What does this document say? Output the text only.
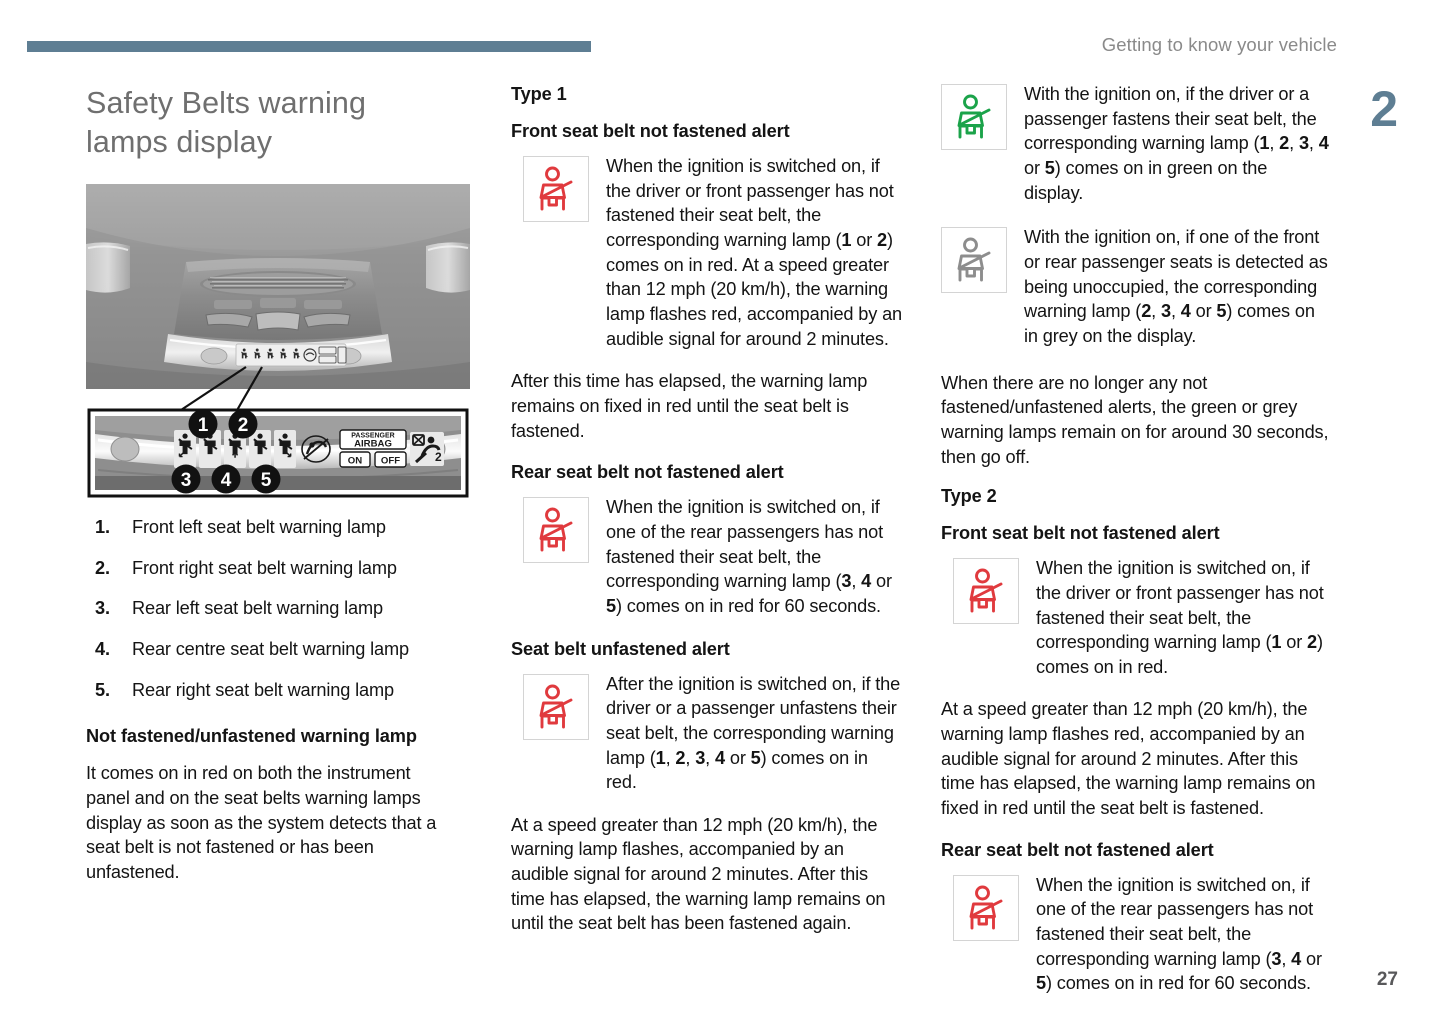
Getting to know your vehicle
2
27
Safety Belts warning lamps display
PASSENGER
AIRBAG
ON OFF	2
1 2
3 4 5
1.	Front left seat belt warning lamp
2.	Front right seat belt warning lamp
3.	Rear left seat belt warning lamp
4.	Rear centre seat belt warning lamp
5.	Rear right seat belt warning lamp
Not fastened/unfastened warning lamp

It comes on in red on both the instrument panel and on the seat belts warning lamps display as soon as the system detects that a seat belt is not fastened or has been unfastened.

Type 1
Front seat belt not fastened alert
When the ignition is switched on, if the driver or front passenger has not fastened their seat belt, the corresponding warning lamp (1 or 2) comes on in red. At a speed greater than 12 mph (20 km/h), the warning lamp flashes red, accompanied by an audible signal for around 2 minutes.

After this time has elapsed, the warning lamp remains on fixed in red until the seat belt is fastened.

Rear seat belt not fastened alert
When the ignition is switched on, if one of the rear passengers has not fastened their seat belt, the corresponding warning lamp (3, 4 or 5) comes on in red for 60 seconds.
Seat belt unfastened alert
After the ignition is switched on, if the driver or a passenger unfastens their seat belt, the corresponding warning lamp (1, 2, 3, 4 or 5) comes on in red.

At a speed greater than 12 mph (20 km/h), the warning lamp flashes, accompanied by an audible signal for around 2 minutes. After this time has elapsed, the warning lamp remains on until the seat belt has been fastened again.

With the ignition on, if the driver or a passenger fastens their seat belt, the corresponding warning lamp (1, 2, 3, 4 or 5) comes on in green on the display.
With the ignition on, if one of the front or rear passenger seats is detected as being unoccupied, the corresponding warning lamp (2, 3, 4 or 5) comes on in grey on the display.

When there are no longer any not fastened/unfastened alerts, the green or grey warning lamps remain on for around 30 seconds, then go off.

Type 2
Front seat belt not fastened alert
When the ignition is switched on, if the driver or front passenger has not fastened their seat belt, the corresponding warning lamp (1 or 2) comes on in red.

At a speed greater than 12 mph (20 km/h), the warning lamp flashes red, accompanied by an audible signal for around 2 minutes. After this time has elapsed, the warning lamp remains on fixed in red until the seat belt is fastened.

Rear seat belt not fastened alert
When the ignition is switched on, if one of the rear passengers has not fastened their seat belt, the corresponding warning lamp (3, 4 or 5) comes on in red for 60 seconds.
